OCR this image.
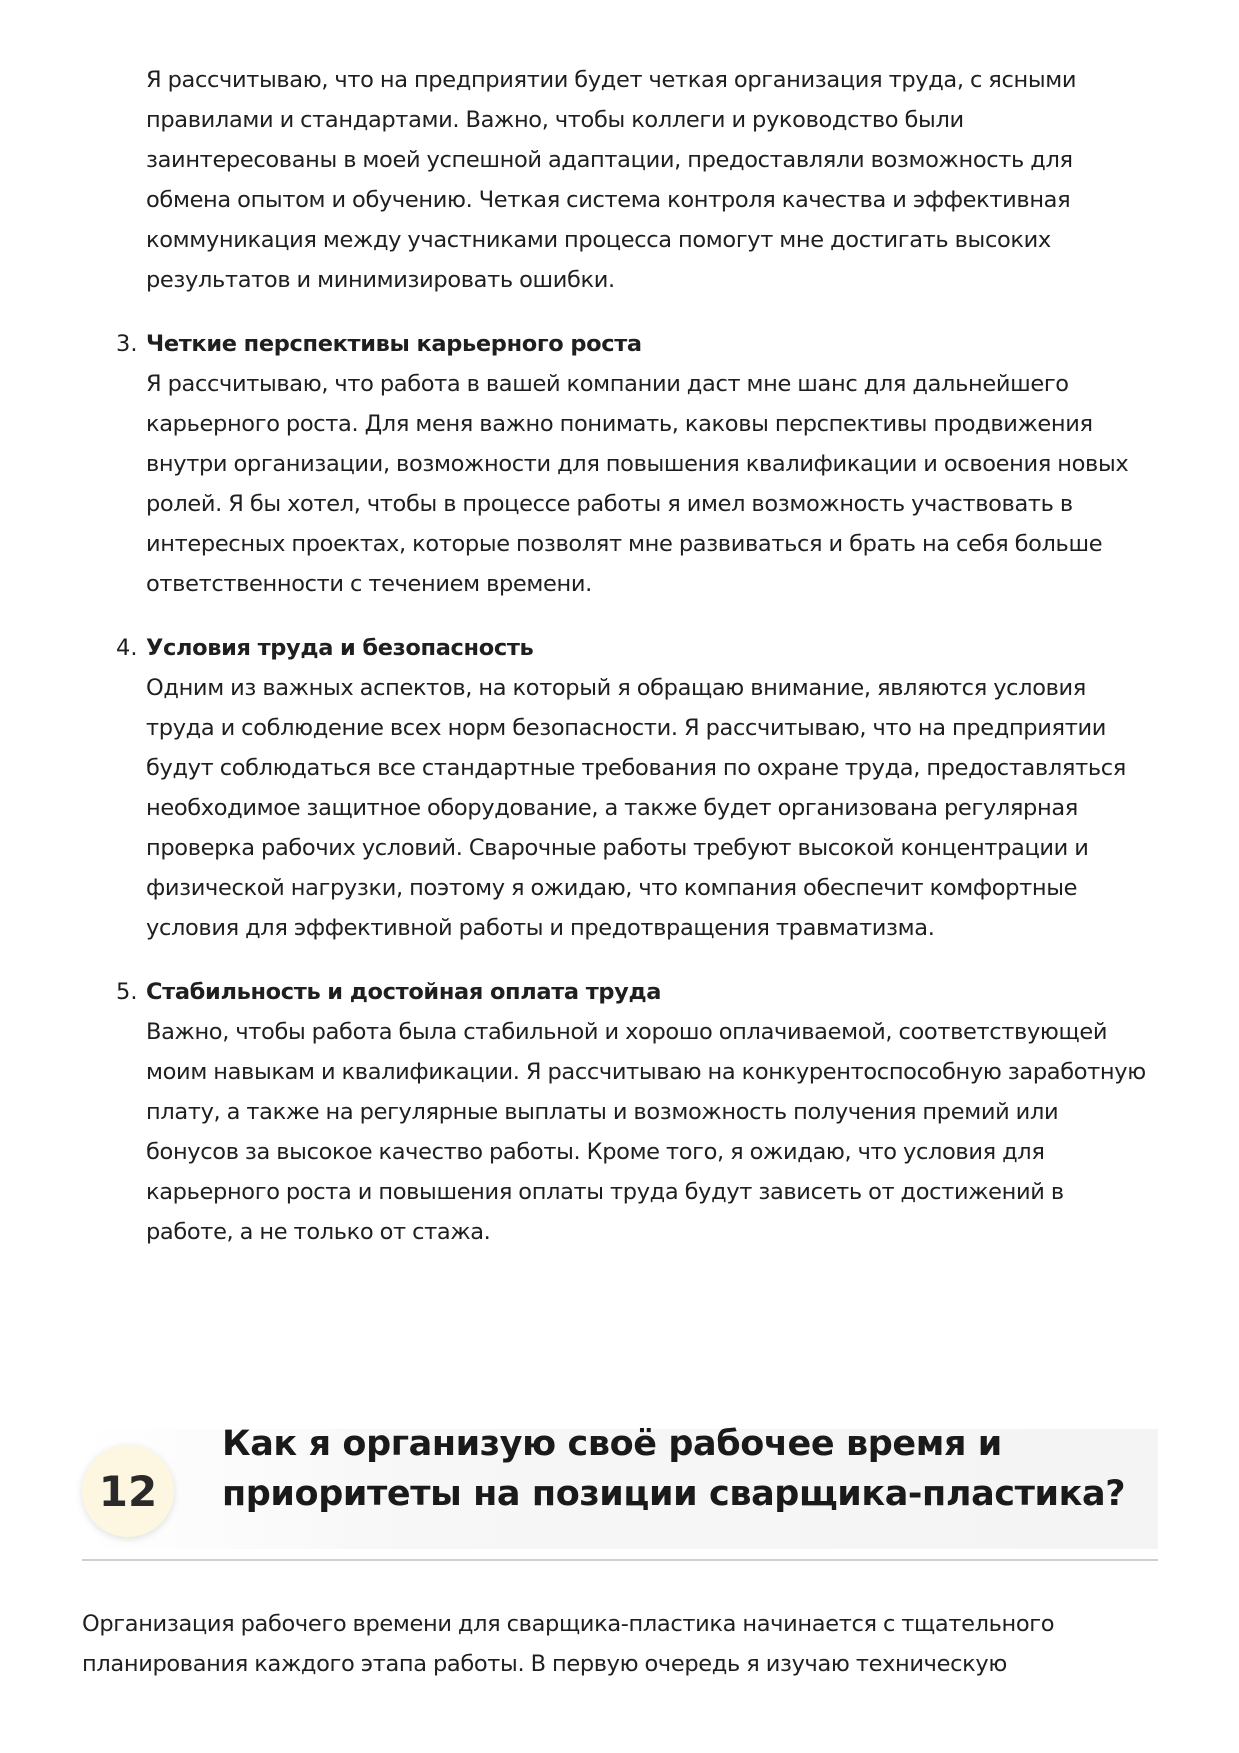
Я рассчитываю, что на предприятии будет четкая организация труда, с ясными правилами и стандартами. Важно, чтобы коллеги и руководство были заинтересованы в моей успешной адаптации, предоставляли возможность для обмена опытом и обучению. Четкая система контроля качества и эффективная коммуникация между участниками процесса помогут мне достигать высоких результатов и минимизировать ошибки.

3. Четкие перспективы карьерного роста

Я рассчитываю, что работа в вашей компании даст мне шанс для дальнейшего карьерного роста. Для меня важно понимать, каковы перспективы продвижения внутри организации, возможности для повышения квалификации и освоения новых ролей. Я бы хотел, чтобы в процессе работы я имел возможность участвовать в интересных проектах, которые позволят мне развиваться и брать на себя больше ответственности с течением времени.

4. Условия труда и безопасность

Одним из важных аспектов, на который я обращаю внимание, являются условия труда и соблюдение всех норм безопасности. Я рассчитываю, что на предприятии будут соблюдаться все стандартные требования по охране труда, предоставляться необходимое защитное оборудование, а также будет организована регулярная проверка рабочих условий. Сварочные работы требуют высокой концентрации и физической нагрузки, поэтому я ожидаю, что компания обеспечит комфортные условия для эффективной работы и предотвращения травматизма.

5. Стабильность и достойная оплата труда

Важно, чтобы работа была стабильной и хорошо оплачиваемой, соответствующей моим навыкам и квалификации. Я рассчитываю на конкурентоспособную заработную плату, а также на регулярные выплаты и возможность получения премий или бонусов за высокое качество работы. Кроме того, я ожидаю, что условия для карьерного роста и повышения оплаты труда будут зависеть от достижений в работе, а не только от стажа.

12
Как я организую своё рабочее время и приоритеты на позиции сварщика-пластика?

Организация рабочего времени для сварщика-пластика начинается с тщательного планирования каждого этапа работы. В первую очередь я изучаю техническую
